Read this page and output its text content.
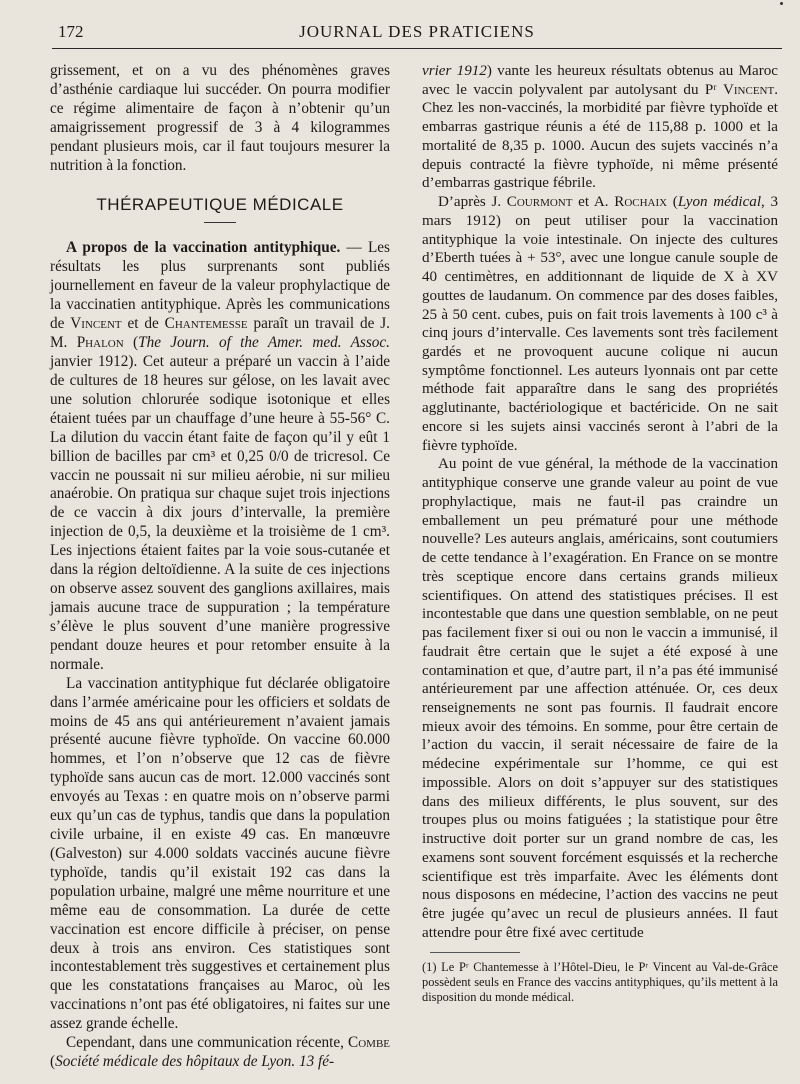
172	JOURNAL DES PRATICIENS

grissement, et on a vu des phénomènes graves d’asthénie cardiaque lui succéder. On pourra modifier ce régime alimentaire de façon à n’obtenir qu’un amaigrissement progressif de 3 à 4 kilogrammes pendant plusieurs mois, car il faut toujours mesurer la nutrition à la fonction.

THÉRAPEUTIQUE MÉDICALE

A propos de la vaccination antityphique. — Les résultats les plus surprenants sont publiés journellement en faveur de la valeur prophylactique de la vaccinatien antityphique. Après les communications de Vincent et de Chantemesse paraît un travail de J. M. Phalon (The Journ. of the Amer. med. Assoc. janvier 1912). Cet auteur a préparé un vaccin à l’aide de cultures de 18 heures sur gélose, on les lavait avec une solution chlorurée sodique isotonique et elles étaient tuées par un chauffage d’une heure à 55-56° C. La dilution du vaccin étant faite de façon qu’il y eût 1 billion de bacilles par cm³ et 0,25 0/0 de tricresol. Ce vaccin ne poussait ni sur milieu aérobie, ni sur milieu anaérobie. On pratiqua sur chaque sujet trois injections de ce vaccin à dix jours d’intervalle, la première injection de 0,5, la deuxième et la troisième de 1 cm³. Les injections étaient faites par la voie sous-cutanée et dans la région deltoïdienne. A la suite de ces injections on observe assez souvent des ganglions axillaires, mais jamais aucune trace de suppuration ; la température s’élève le plus souvent d’une manière progressive pendant douze heures et pour retomber ensuite à la normale.

La vaccination antityphique fut déclarée obligatoire dans l’armée américaine pour les officiers et soldats de moins de 45 ans qui antérieurement n’avaient jamais présenté aucune fièvre typhoïde. On vaccine 60.000 hommes, et l’on n’observe que 12 cas de fièvre typhoïde sans aucun cas de mort. 12.000 vaccinés sont envoyés au Texas : en quatre mois on n’observe parmi eux qu’un cas de typhus, tandis que dans la population civile urbaine, il en existe 49 cas. En manœuvre (Galveston) sur 4.000 soldats vaccinés aucune fièvre typhoïde, tandis qu’il existait 192 cas dans la population urbaine, malgré une même nourriture et une même eau de consommation. La durée de cette vaccination est encore difficile à préciser, on pense deux à trois ans environ. Ces statistiques sont incontestablement très suggestives et certainement plus que les constatations françaises au Maroc, où les vaccinations n’ont pas été obligatoires, ni faites sur une assez grande échelle.

Cependant, dans une communication récente, Combe (Société médicale des hôpitaux de Lyon. 13 fé-

vrier 1912) vante les heureux résultats obtenus au Maroc avec le vaccin polyvalent par autolysant du Pʳ Vincent. Chez les non-vaccinés, la morbidité par fièvre typhoïde et embarras gastrique réunis a été de 115,88 p. 1000 et la mortalité de 8,35 p. 1000. Aucun des sujets vaccinés n’a depuis contracté la fièvre typhoïde, ni même présenté d’embarras gastrique fébrile.

D’après J. Courmont et A. Rochaix (Lyon médical, 3 mars 1912) on peut utiliser pour la vaccination antityphique la voie intestinale. On injecte des cultures d’Eberth tuées à + 53°, avec une longue canule souple de 40 centimètres, en additionnant de liquide de X à XV gouttes de laudanum. On commence par des doses faibles, 25 à 50 cent. cubes, puis on fait trois lavements à 100 c³ à cinq jours d’intervalle. Ces lavements sont très facilement gardés et ne provoquent aucune colique ni aucun symptôme fonctionnel. Les auteurs lyonnais ont par cette méthode fait apparaître dans le sang des propriétés agglutinante, bactériologique et bactéricide. On ne sait encore si les sujets ainsi vaccinés seront à l’abri de la fièvre typhoïde.

Au point de vue général, la méthode de la vaccination antityphique conserve une grande valeur au point de vue prophylactique, mais ne faut-il pas craindre un emballement un peu prématuré pour une méthode nouvelle? Les auteurs anglais, américains, sont coutumiers de cette tendance à l’exagération. En France on se montre très sceptique encore dans certains grands milieux scientifiques. On attend des statistiques précises. Il est incontestable que dans une question semblable, on ne peut pas facilement fixer si oui ou non le vaccin a immunisé, il faudrait être certain que le sujet a été exposé à une contamination et que, d’autre part, il n’a pas été immunisé antérieurement par une affection atténuée. Or, ces deux renseignements ne sont pas fournis. Il faudrait encore mieux avoir des témoins. En somme, pour être certain de l’action du vaccin, il serait nécessaire de faire de la médecine expérimentale sur l’homme, ce qui est impossible. Alors on doit s’appuyer sur des statistiques dans des milieux différents, le plus souvent, sur des troupes plus ou moins fatiguées ; la statistique pour être instructive doit porter sur un grand nombre de cas, les examens sont souvent forcément esquissés et la recherche scientifique est très imparfaite. Avec les éléments dont nous disposons en médecine, l’action des vaccins ne peut être jugée qu’avec un recul de plusieurs années. Il faut attendre pour être fixé avec certitude

(1) Le Pʳ Chantemesse à l’Hôtel-Dieu, le Pʳ Vincent au Val-de-Grâce possèdent seuls en France des vaccins antityphiques, qu’ils mettent à la disposition du monde médical.
